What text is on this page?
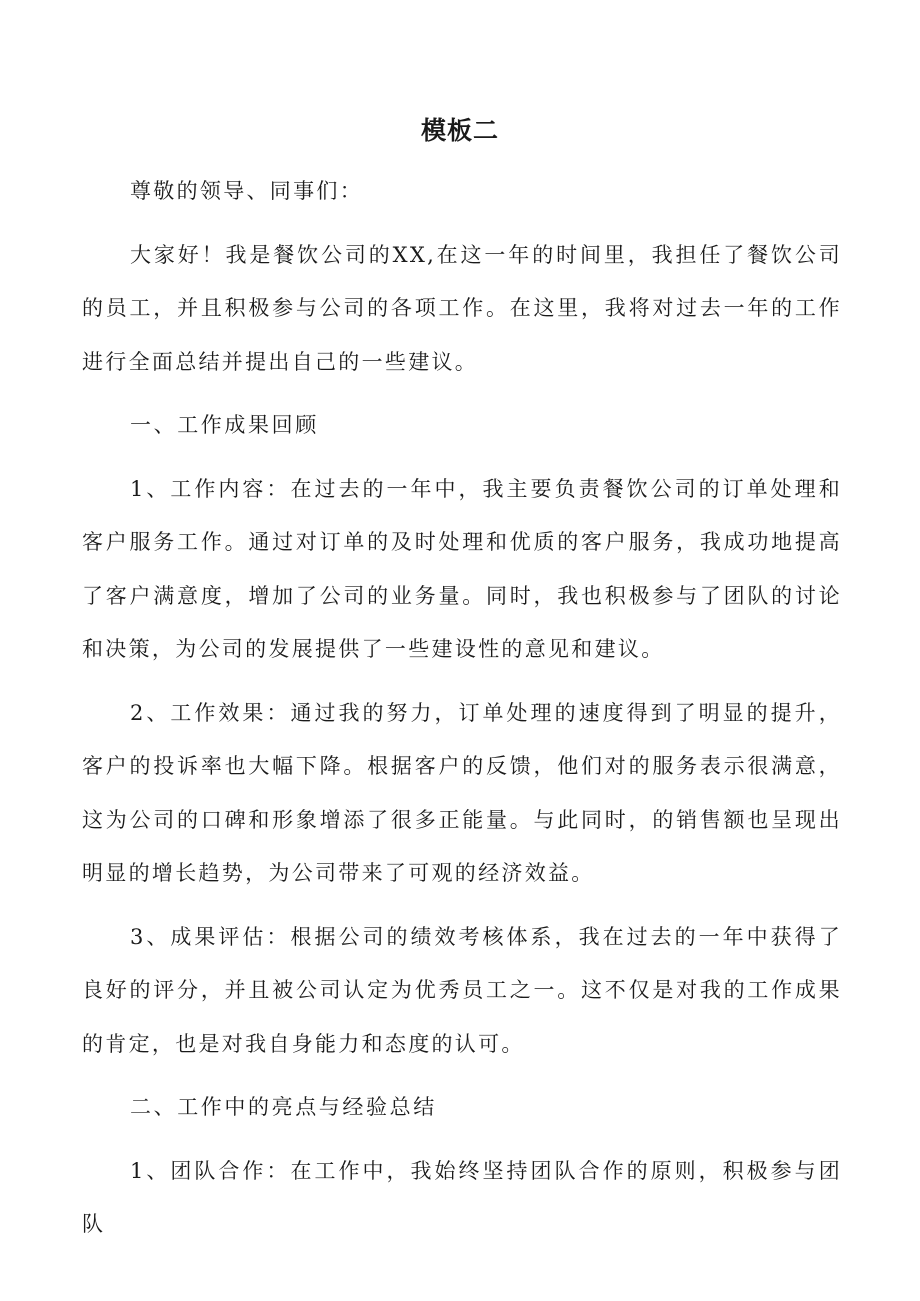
模板二

尊敬的领导、同事们：

大家好！我是餐饮公司的XX,在这一年的时间里，我担任了餐饮公司的员工，并且积极参与公司的各项工作。在这里，我将对过去一年的工作进行全面总结并提出自己的一些建议。

一、工作成果回顾

1、工作内容：在过去的一年中，我主要负责餐饮公司的订单处理和客户服务工作。通过对订单的及时处理和优质的客户服务，我成功地提高了客户满意度，增加了公司的业务量。同时，我也积极参与了团队的讨论和决策，为公司的发展提供了一些建设性的意见和建议。

2、工作效果：通过我的努力，订单处理的速度得到了明显的提升，客户的投诉率也大幅下降。根据客户的反馈，他们对的服务表示很满意，这为公司的口碑和形象增添了很多正能量。与此同时，的销售额也呈现出明显的增长趋势，为公司带来了可观的经济效益。

3、成果评估：根据公司的绩效考核体系，我在过去的一年中获得了良好的评分，并且被公司认定为优秀员工之一。这不仅是对我的工作成果的肯定，也是对我自身能力和态度的认可。

二、工作中的亮点与经验总结

1、团队合作：在工作中，我始终坚持团队合作的原则，积极参与团队
